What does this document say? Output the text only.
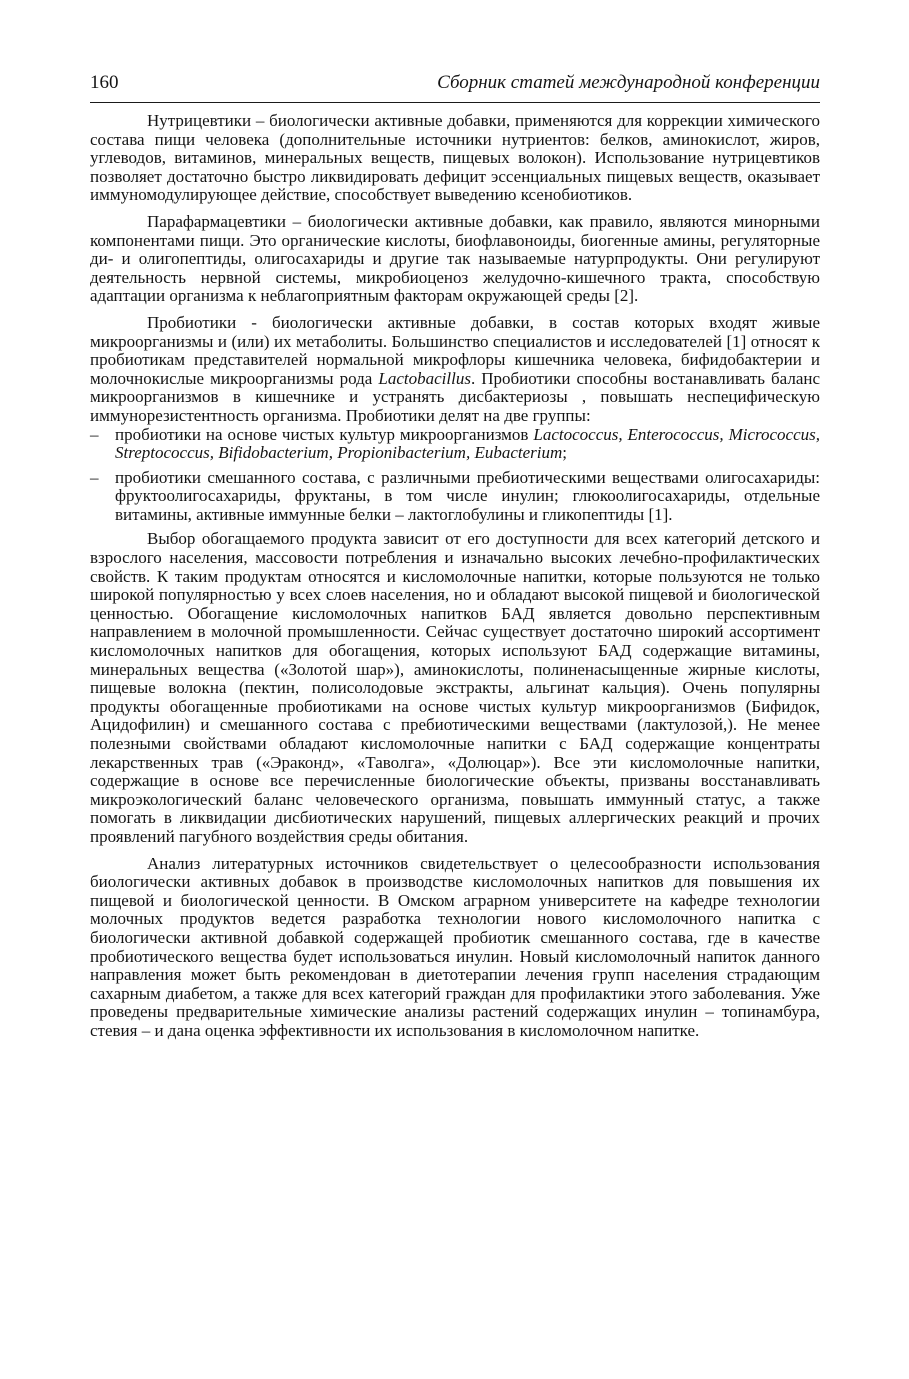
160	Сборник статей международной конференции

Нутрицевтики – биологически активные добавки, применяются для коррекции химического состава пищи человека (дополнительные источники нутриентов: белков, аминокислот, жиров, углеводов, витаминов, минеральных веществ, пищевых волокон). Использование нутрицевтиков позволяет достаточно быстро ликвидировать дефицит эссенциальных пищевых веществ, оказывает иммуномодулирующее действие, способствует выведению ксенобиотиков.

Парафармацевтики – биологически активные добавки, как правило, являются минорными компонентами пищи. Это органические кислоты, биофлавоноиды, биогенные амины, регуляторные ди- и олигопептиды, олигосахариды и другие так называемые натурпродукты. Они регулируют деятельность нервной системы, микробиоценоз желудочно-кишечного тракта, способствую адаптации организма к неблагоприятным факторам окружающей среды [2].

Пробиотики - биологически активные добавки, в состав которых входят живые микроорганизмы и (или) их метаболиты. Большинство специалистов и исследователей [1] относят к пробиотикам представителей нормальной микрофлоры кишечника человека, бифидобактерии и молочнокислые микроорганизмы рода Lactobacillus. Пробиотики способны востанавливать баланс микроорганизмов в кишечнике и устранять дисбактериозы , повышать неспецифическую иммунорезистентность организма. Пробиотики делят на две группы:

– пробиотики на основе чистых культур микроорганизмов Lactococcus, Enterococcus, Micrococcus, Streptococcus, Bifidobacterium, Propionibacterium, Eubacterium;
– пробиотики смешанного состава, с различными пребиотическими веществами олигосахариды: фруктоолигосахариды, фруктаны, в том числе инулин; глюкоолигосахариды, отдельные витамины, активные иммунные белки – лактоглобулины и гликопептиды [1].

Выбор обогащаемого продукта зависит от его доступности для всех категорий детского и взрослого населения, массовости потребления и изначально высоких лечебно-профилактических свойств. К таким продуктам относятся и кисломолочные напитки, которые пользуются не только широкой популярностью у всех слоев населения, но и обладают высокой пищевой и биологической ценностью. Обогащение кисломолочных напитков БАД является довольно перспективным направлением в молочной промышленности. Сейчас существует достаточно широкий ассортимент кисломолочных напитков для обогащения, которых используют БАД содержащие витамины, минеральных вещества («Золотой шар»), аминокислоты, полиненасыщенные жирные кислоты, пищевые волокна (пектин, полисолодовые экстракты, альгинат кальция). Очень популярны продукты обогащенные пробиотиками на основе чистых культур микроорганизмов (Бифидок, Ацидофилин) и смешанного состава с пребиотическими веществами (лактулозой,). Не менее полезными свойствами обладают кисломолочные напитки с БАД содержащие концентраты лекарственных трав («Эраконд», «Таволга», «Долюцар»). Все эти кисломолочные напитки, содержащие в основе все перечисленные биологические объекты, призваны восстанавливать микроэкологический баланс человеческого организма, повышать иммунный статус, а также помогать в ликвидации дисбиотических нарушений, пищевых аллергических реакций и прочих проявлений пагубного воздействия среды обитания.

Анализ литературных источников свидетельствует о целесообразности использования биологически активных добавок в производстве кисломолочных напитков для повышения их пищевой и биологической ценности. В Омском аграрном университете на кафедре технологии молочных продуктов ведется разработка технологии нового кисломолочного напитка с биологически активной добавкой содержащей пробиотик смешанного состава, где в качестве пробиотического вещества будет использоваться инулин. Новый кисломолочный напиток данного направления может быть рекомендован в диетотерапии лечения групп населения страдающим сахарным диабетом, а также для всех категорий граждан для профилактики этого заболевания. Уже проведены предварительные химические анализы растений содержащих инулин – топинамбура, стевия – и дана оценка эффективности их использования в кисломолочном напитке.
